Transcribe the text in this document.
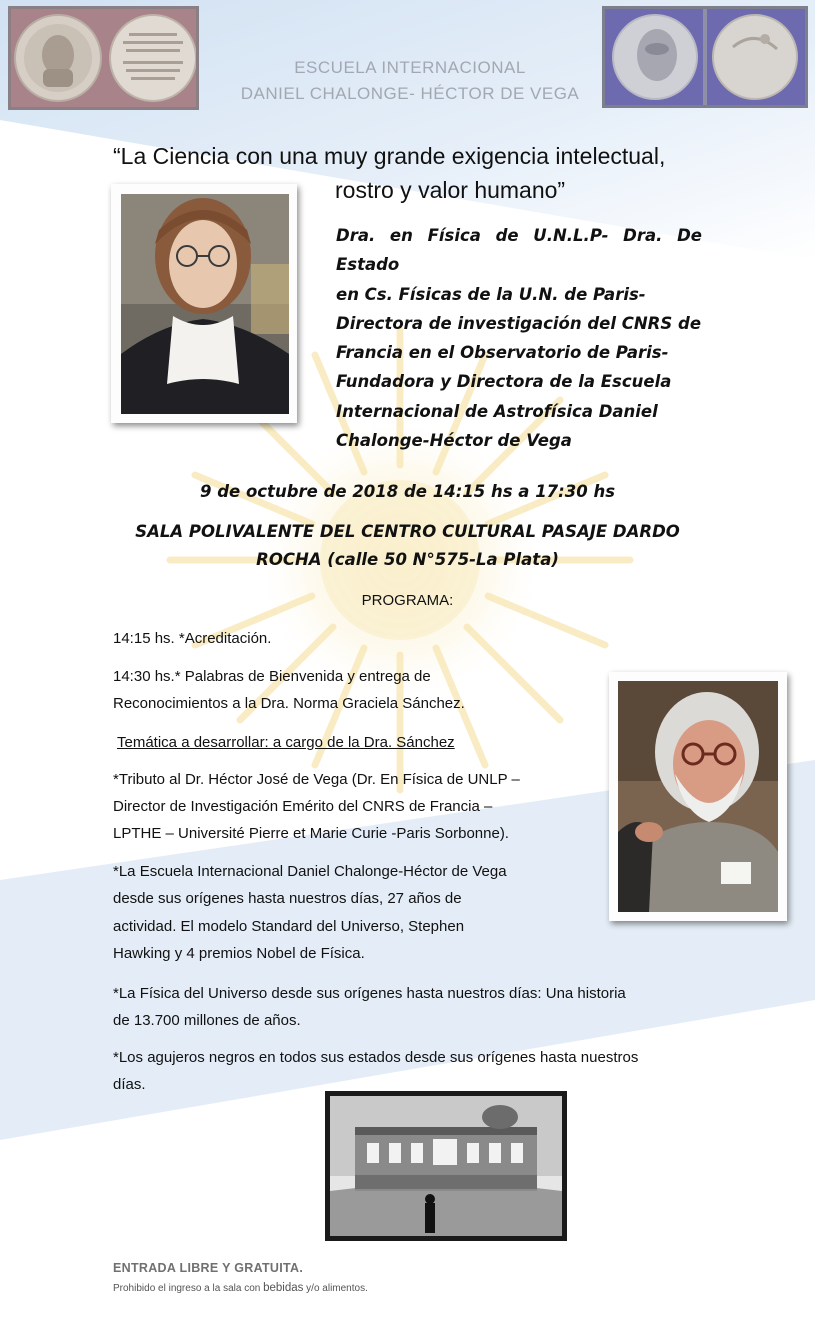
ESCUELA INTERNACIONAL
DANIEL CHALONGE- HÉCTOR DE VEGA
“La Ciencia con una muy grande exigencia intelectual,
rostro y valor humano”
Dra. en Física de U.N.L.P- Dra. De Estado
en Cs. Físicas de la U.N. de Paris-
Directora de investigación del CNRS de
Francia en el Observatorio de Paris-
Fundadora y Directora de la Escuela
Internacional de Astrofísica Daniel
Chalonge-Héctor de Vega
9 de octubre de 2018 de 14:15 hs a 17:30 hs
SALA POLIVALENTE DEL CENTRO CULTURAL PASAJE DARDO
ROCHA (calle 50 N°575-La Plata)
PROGRAMA:
14:15 hs. *Acreditación.
14:30 hs.* Palabras de Bienvenida y entrega de
Reconocimientos a la Dra. Norma Graciela Sánchez.
Temática a desarrollar: a cargo de la Dra. Sánchez
*Tributo al Dr. Héctor José de Vega (Dr. En Física de UNLP –
Director de Investigación Emérito del CNRS de Francia –
LPTHE – Université Pierre et Marie Curie -Paris Sorbonne).
*La Escuela Internacional Daniel Chalonge-Héctor de Vega
desde sus orígenes hasta nuestros días, 27 años de
actividad. El modelo Standard del Universo, Stephen
Hawking y 4 premios Nobel de Física.
*La Física del Universo desde sus orígenes hasta nuestros días: Una historia
de 13.700 millones de años.
*Los agujeros negros en todos sus estados desde sus orígenes hasta nuestros
días.
ENTRADA LIBRE Y GRATUITA.
Prohibido el ingreso a la sala con bebidas y/o alimentos.
